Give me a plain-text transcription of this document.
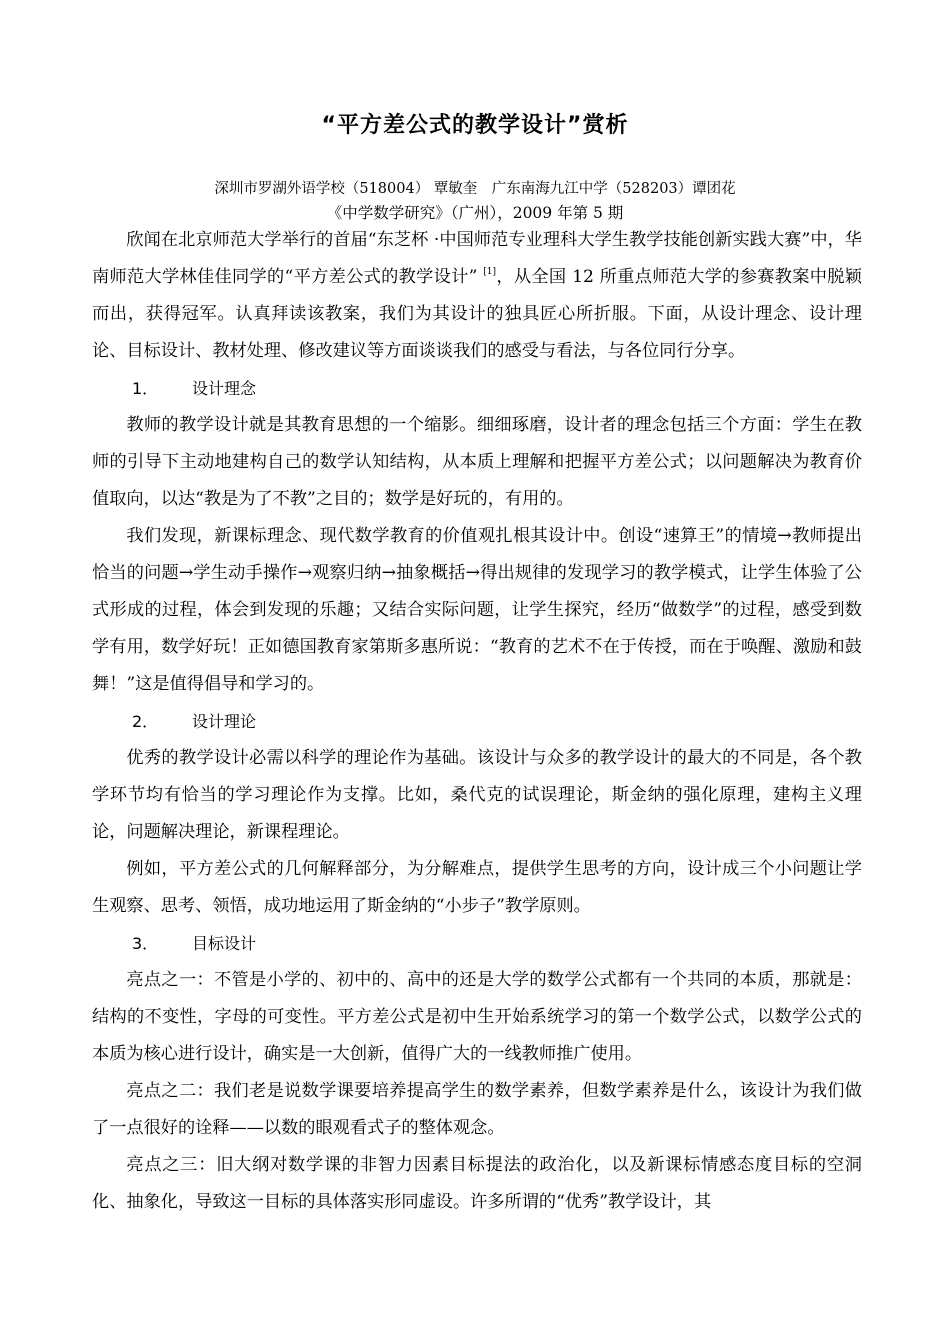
“平方差公式的教学设计”赏析
深圳市罗湖外语学校（518004） 覃敏奎　广东南海九江中学（528203）谭团花
《中学数学研究》（广州），2009 年第 5 期

欣闻在北京师范大学举行的首届“东芝杯 ·中国师范专业理科大学生教学技能创新实践大赛”中，华南师范大学林佳佳同学的“平方差公式的教学设计” [1]，从全国 12 所重点师范大学的参赛教案中脱颖而出，获得冠军。认真拜读该教案，我们为其设计的独具匠心所折服。下面，从设计理念、设计理论、目标设计、教材处理、修改建议等方面谈谈我们的感受与看法，与各位同行分享。

1． 设计理念

教师的教学设计就是其教育思想的一个缩影。细细琢磨，设计者的理念包括三个方面：学生在教师的引导下主动地建构自己的数学认知结构，从本质上理解和把握平方差公式；以问题解决为教育价值取向，以达“教是为了不教”之目的；数学是好玩的，有用的。

我们发现，新课标理念、现代数学教育的价值观扎根其设计中。创设“速算王”的情境→教师提出恰当的问题→学生动手操作→观察归纳→抽象概括→得出规律的发现学习的教学模式，让学生体验了公式形成的过程，体会到发现的乐趣；又结合实际问题，让学生探究，经历“做数学”的过程，感受到数学有用，数学好玩！正如德国教育家第斯多惠所说：“教育的艺术不在于传授，而在于唤醒、激励和鼓舞！”这是值得倡导和学习的。

2． 设计理论

优秀的教学设计必需以科学的理论作为基础。该设计与众多的教学设计的最大的不同是，各个教学环节均有恰当的学习理论作为支撑。比如，桑代克的试误理论，斯金纳的强化原理，建构主义理论，问题解决理论，新课程理论。

例如，平方差公式的几何解释部分，为分解难点，提供学生思考的方向，设计成三个小问题让学生观察、思考、领悟，成功地运用了斯金纳的“小步子”教学原则。

3． 目标设计

亮点之一：不管是小学的、初中的、高中的还是大学的数学公式都有一个共同的本质，那就是：结构的不变性，字母的可变性。平方差公式是初中生开始系统学习的第一个数学公式，以数学公式的本质为核心进行设计，确实是一大创新，值得广大的一线教师推广使用。

亮点之二：我们老是说数学课要培养提高学生的数学素养，但数学素养是什么，该设计为我们做了一点很好的诠释——以数的眼观看式子的整体观念。

亮点之三：旧大纲对数学课的非智力因素目标提法的政治化，以及新课标情感态度目标的空洞化、抽象化，导致这一目标的具体落实形同虚设。许多所谓的“优秀”教学设计，其
